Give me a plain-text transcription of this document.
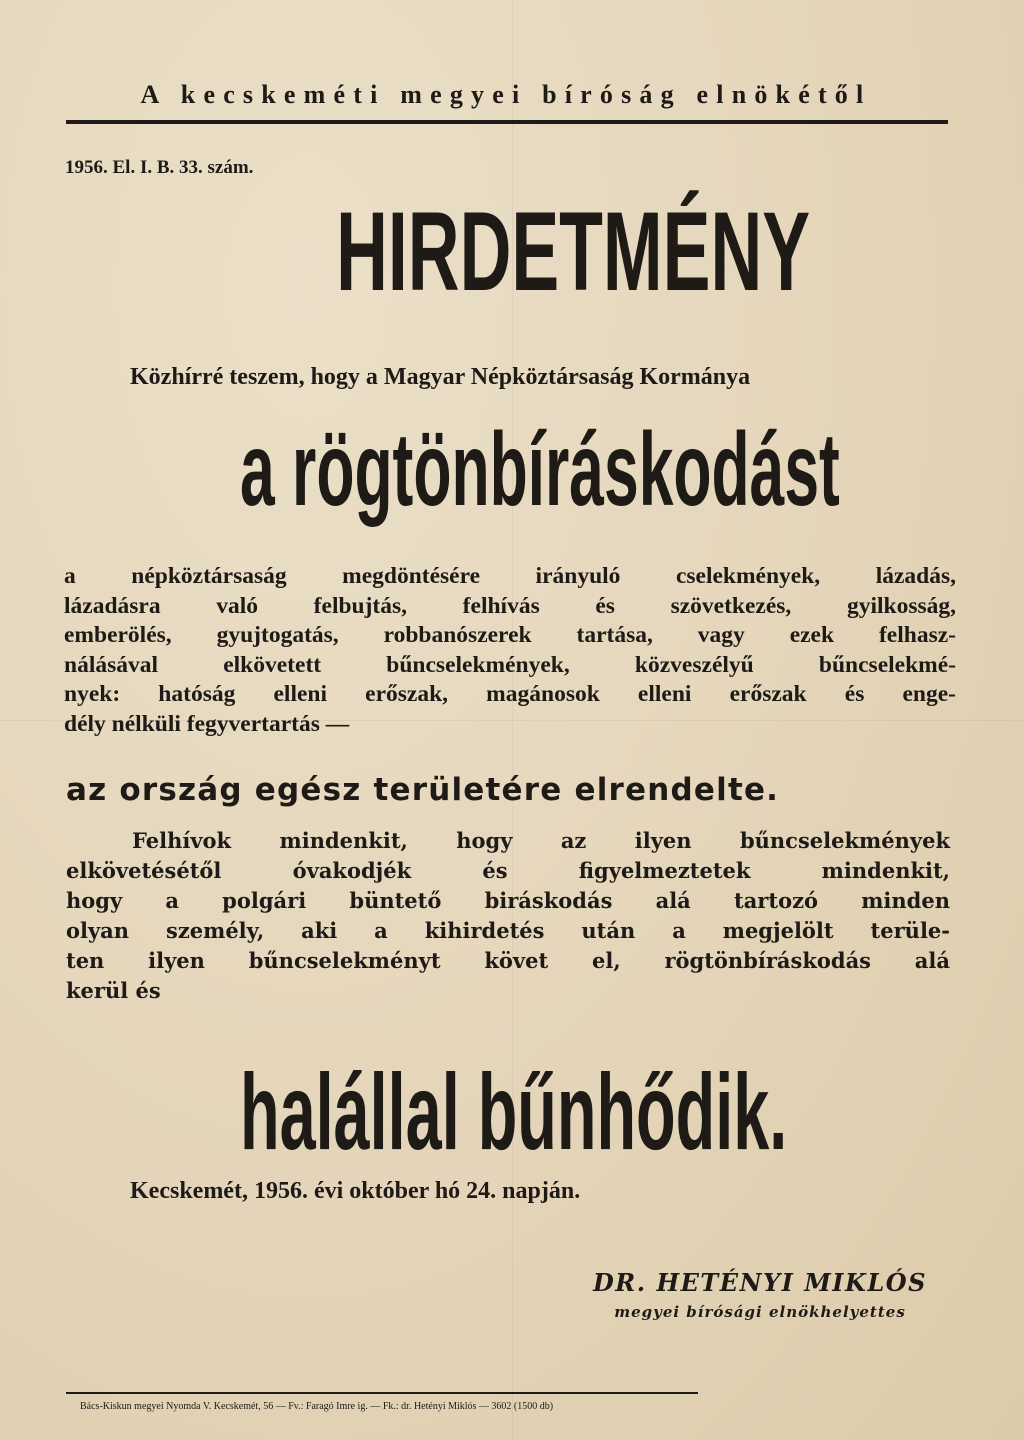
A kecskeméti megyei bíróság elnökétől
1956. El. I. B. 33. szám.
HIRDETMÉNY
Közhírré teszem, hogy a Magyar Népköztársaság Kormánya
a rögtönbíráskodást
a népköztársaság megdöntésére irányuló cselekmények, lázadás,
lázadásra való felbujtás, felhívás és szövetkezés, gyilkosság,
emberölés, gyujtogatás, robbanószerek tartása, vagy ezek felhasz-
nálásával elkövetett bűncselekmények, közveszélyű bűncselekmé-
nyek: hatóság elleni erőszak, magánosok elleni erőszak és enge-
dély nélküli fegyvertartás —
az ország egész területére elrendelte.
Felhívok mindenkit, hogy az ilyen bűncselekmények
elkövetésétől óvakodjék és figyelmeztetek mindenkit,
hogy a polgári büntető biráskodás alá tartozó minden
olyan személy, aki a kihirdetés után a megjelölt terüle-
ten ilyen bűncselekményt követ el, rögtönbíráskodás alá
kerül és
halállal bűnhődik.
Kecskemét, 1956. évi október hó 24. napján.
DR. HETÉNYI MIKLÓS
megyei bírósági elnökhelyettes
Bács-Kiskun megyei Nyomda V. Kecskemét, 56 — Fv.: Faragó Imre ig. — Fk.: dr. Hetényi Miklós — 3602 (1500 db)
